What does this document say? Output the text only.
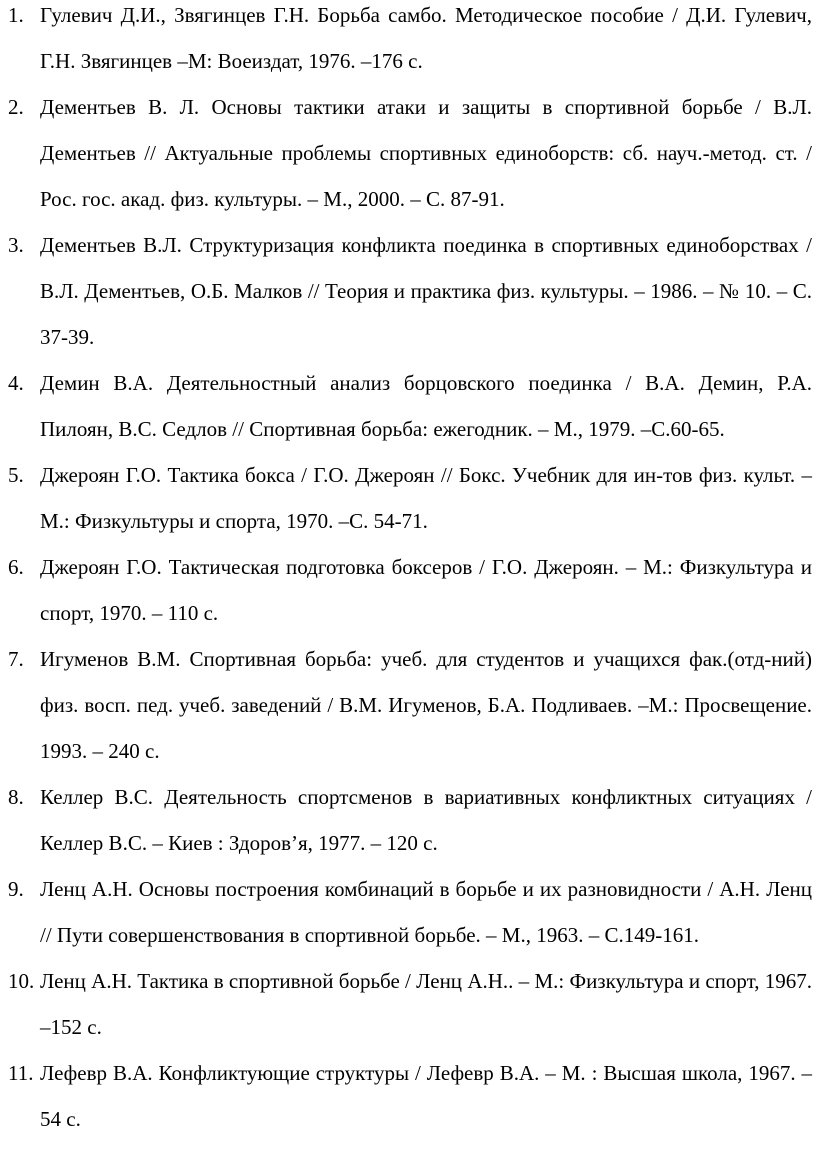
1. Гулевич Д.И., Звягинцев Г.Н. Борьба самбо. Методическое пособие / Д.И. Гулевич, Г.Н. Звягинцев –М: Воеиздат, 1976. –176 с.
2. Дементьев В. Л. Основы тактики атаки и защиты в спортивной борьбе / В.Л. Дементьев // Актуальные проблемы спортивных единоборств: сб. науч.-метод. ст. / Рос. гос. акад. физ. культуры. – М., 2000. – С. 87-91.
3. Дементьев В.Л. Структуризация конфликта поединка в спортивных единоборствах / В.Л. Дементьев, О.Б. Малков // Теория и практика физ. культуры. – 1986. – № 10. – С. 37-39.
4. Демин В.А. Деятельностный анализ борцовского поединка / В.А. Демин, Р.А. Пилоян, В.С. Седлов // Спортивная борьба: ежегодник. – М., 1979. –С.60-65.
5. Джероян Г.О. Тактика бокса / Г.О. Джероян // Бокс. Учебник для ин-тов физ. культ. –М.: Физкультуры и спорта, 1970. –С. 54-71.
6. Джероян Г.О. Тактическая подготовка боксеров / Г.О. Джероян. – М.: Физкультура и спорт, 1970. – 110 с.
7. Игуменов В.М. Спортивная борьба: учеб. для студентов и учащихся фак.(отд-ний) физ. восп. пед. учеб. заведений / В.М. Игуменов, Б.А. Подливаев. –М.: Просвещение. 1993. – 240 с.
8. Келлер В.С. Деятельность спортсменов в вариативных конфликтных ситуациях / Келлер В.С. – Киев : Здоров’я, 1977. – 120 с.
9. Ленц А.Н. Основы построения комбинаций в борьбе и их разновидности / А.Н. Ленц // Пути совершенствования в спортивной борьбе. – М., 1963. – С.149-161.
10. Ленц А.Н. Тактика в спортивной борьбе / Ленц А.Н.. – М.: Физкультура и спорт, 1967. –152 с.
11. Лефевр В.А. Конфликтующие структуры / Лефевр В.А. – М. : Высшая школа, 1967. – 54 с.
